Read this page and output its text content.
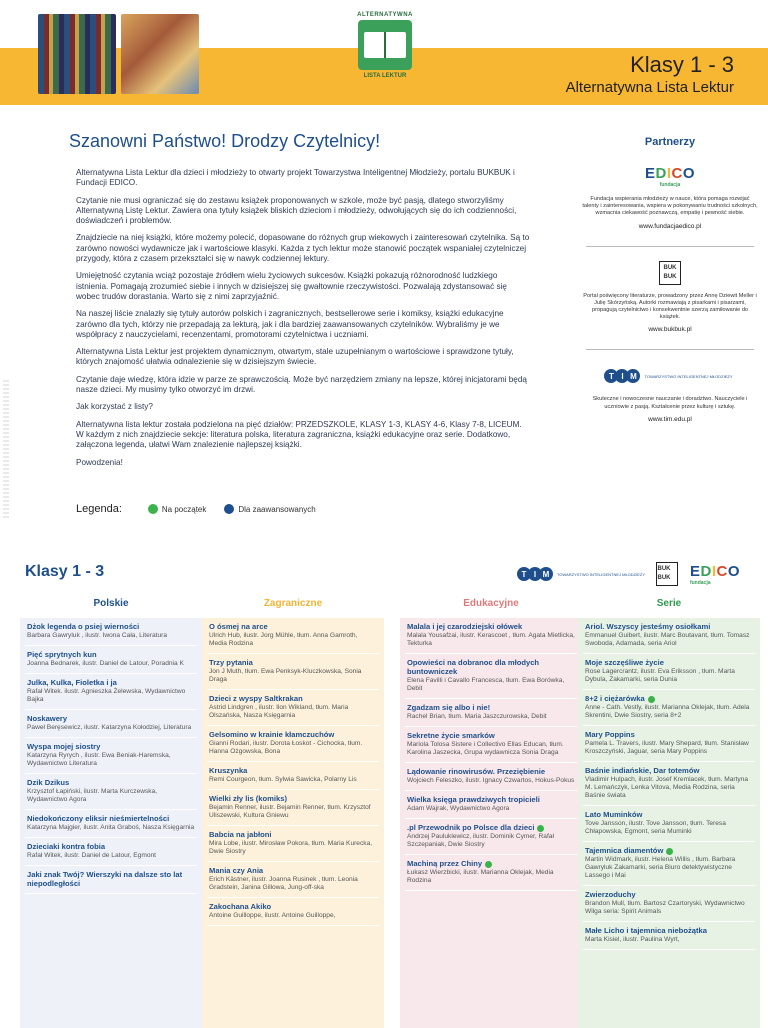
ALTERNATYWNA
LISTA LEKTUR	Klasy 1 - 3
Alternatywna Lista Lektur
Szanowni Państwo! Drodzy Czytelnicy!

Alternatywna Lista Lektur dla dzieci i młodzieży to otwarty projekt Towarzystwa Inteligentnej Młodzieży, portalu BUKBUK i Fundacji EDICO.

Czytanie nie musi ograniczać się do zestawu książek proponowanych w szkole, może być pasją, dlatego stworzyliśmy Alternatywną Listę Lektur. Zawiera ona tytuły książek bliskich dzieciom i młodzieży, odwołujących się do ich codzienności, doświadczeń i problemów.

Znajdziecie na niej książki, które możemy polecić, dopasowane do różnych grup wiekowych i zainteresowań czytelnika. Są to zarówno nowości wydawnicze jak i wartościowe klasyki. Każda z tych lektur może stanowić początek wspaniałej czytelniczej przygody, która z czasem przekształci się w nawyk codziennej lektury.

Umiejętność czytania wciąż pozostaje źródłem wielu życiowych sukcesów. Książki pokazują różnorodność ludzkiego istnienia. Pomagają zrozumieć siebie i innych w dzisiejszej się gwałtownie rzeczywistości. Pozwalają zdystansować się wobec trudów dorastania. Warto się z nimi zaprzyjaźnić.

Na naszej liście znalazły się tytuły autorów polskich i zagranicznych, bestsellerowe serie i komiksy, książki edukacyjne zarówno dla tych, którzy nie przepadają za lekturą, jak i dla bardziej zaawansowanych czytelników. Wybraliśmy je we współpracy z nauczycielami, recenzentami, promotorami czytelnictwa i uczniami.

Alternatywna Lista Lektur jest projektem dynamicznym, otwartym, stale uzupełnianym o wartościowe i sprawdzone tytuły, których znajomość ułatwia odnalezienie się w dzisiejszym świecie.

Czytanie daje wiedzę, która idzie w parze ze sprawczością. Może być narzędziem zmiany na lepsze, której inicjatorami będą nasze dzieci. My musimy tylko otworzyć im drzwi.

Jak korzystać z listy?

Alternatywna lista lektur została podzielona na pięć działów: PRZEDSZKOLE, KLASY 1-3, KLASY 4-6, Klasy 7-8, LICEUM. W każdym z nich znajdziecie sekcje: literatura polska, literatura zagraniczna, książki edukacyjne oraz serie. Dodatkowo, załączona legenda, ułatwi Wam znalezienie najlepszej książki.

Powodzenia!

Legenda:	Na początek	Dla zaawansowanych
Partnerzy
EDICO
fundacja
Fundacja wspierania młodzieży w nauce, która pomaga rozwijać talenty i zainteresowania, wspiera w pokonywaniu trudności szkolnych, wzmacnia ciekawość poznawczą, empatię i pewność siebie.
www.fundacjaedico.pl
BUK
BUK
Portal poświęcony literaturze, prowadzony przez Annę Dziewit Meller i Julię Skórzyńską. Autorki rozmawiają z pisarkami i pisarzami, propagują czytelnictwo i konsekwentnie szerzą zamiłowanie do książek.
www.bukbuk.pl
T I M	TOWARZYSTWO INTELIGENTNEJ MŁODZIEŻY
Skuteczne i nowoczesne nauczanie i doradztwo. Nauczyciele i uczniowie z pasją. Kształcenie przez kulturę i sztukę.
www.tim.edu.pl
Klasy 1 - 3	T I M	TOWARZYSTWO INTELIGENTNEJ MŁODZIEŻY
BUK
BUK	EDICO
fundacja
Polskie
Dżok legenda o psiej wierności
Barbara Gawryluk , ilustr. Iwona Cała, Literatura
Pięć sprytnych kun
Joanna Bednarek, ilustr. Daniel de Latour, Poradnia K
Julka, Kulka, Fioletka i ja
Rafał Witek. ilustr. Agnieszka Żelewska, Wydawnictwo Bajka
Noskawery
Paweł Beręsewicz, ilustr. Katarzyna Kołodziej, Literatura
Wyspa mojej siostry
Katarzyna Ryrych , ilustr. Ewa Beniak-Haremska, Wydawnictwo Literatura
Dzik Dzikus
Krzysztof Łapiński, ilustr. Marta Kurczewska, Wydawnictwo Agora
Niedokończony eliksir nieśmiertelności
Katarzyna Majgier, ilustr. Anita Graboś, Nasza Księgarnia
Dzieciaki kontra fobia
Rafał Witek, ilustr. Daniel de Latour, Egmont
Jaki znak Twój? Wierszyki na dalsze sto lat niepodległości
Zagraniczne
O ósmej na arce
Ulrich Hub, ilustr. Jorg Mühle, tłum. Anna Gamroth, Media Rodzina
Trzy pytania
Jon J Muth, tłum. Ewa Penksyk-Kluczkowska, Sonia Draga
Dzieci z wyspy Saltkrakan
Astrid Lindgren , ilustr. Ilon Wikland, tłum. Maria Olszańska, Nasza Księgarnia
Gelsomino w krainie kłamczuchów
Gianni Rodari, ilustr. Dorota Łoskot - Cichocka, tłum. Hanna Ożgowska, Bona
Kruszynka
Remi Courgeon, tłum. Sylwia Sawicka, Polarny Lis
Wielki zły lis (komiks)
Bejamin Renner, ilustr. Bejamin Renner, tłum. Krzysztof Uliszewski, Kultura Gniewu
Babcia na jabłoni
Mira Lobe, ilustr. Mirosław Pokora, tłum. Maria Kurecka, Dwie Siostry
Mania czy Ania
Erich Kästner, ilustr. Joanna Rusinek , tłum. Leonia Gradstein, Janina Gillowa, Jung-off-ska
Zakochana Akiko
Antoine Guilloppe, ilustr. Antoine Guilloppe,
Edukacyjne
Malala i jej czarodziejski ołówek
Malala Yousafzai, ilustr. Kerascoet , tłum. Agata Mietlicka, Tekturka
Opowieści na dobranoc dla młodych buntowniczek
Elena Favilli i Cavallo Francesca, tłum. Ewa Borówka, Debit
Zgadzam się albo i nie!
Rachel Brian, tłum. Maria Jaszczurowska, Debit
Sekretne życie smarków
Mariola Tolosa Sistere i Collectivo Ellas Educan, tłum. Karolina Jaszecka, Grupa wydawnicza Sonia Draga
Lądowanie rinowirusów. Przeziębienie
Wojciech Feleszko, ilustr. Ignacy Czwartos, Hokus-Pokus
Wielka księga prawdziwych tropicieli
Adam Wajrak, Wydawnictwo Agora
.pl Przewodnik po Polsce dla dzieci
Andrzej Pauluklewicz, ilustr. Dominik Cymer, Rafał Szczepaniak, Dwie Siostry
Machiną przez Chiny
Łukasz Wierzbicki, ilustr. Marianna Oklejak, Media Rodzina
Serie
Ariol. Wszyscy jesteśmy osiołkami
Emmanuel Guibert, ilustr. Marc Boutavant, tłum. Tomasz Swoboda, Adamada, seria Ariol
Moje szczęśliwe życie
Rose Lagercrantz, ilustr. Eva Eriksson , tłum. Marta Dybula, Zakamarki, seria Dunia
8+2 i ciężarówka
Anne - Cath. Vestly, ilustr. Marianna Oklejak, tłum. Adela Skrentini, Dwie Siostry, seria 8+2
Mary Poppins
Pamela L. Travers, ilustr. Mary Shepard, tłum. Stanisław Kroszczyński, Jaguar, seria Mary Poppins
Baśnie indiańskie, Dar totemów
Vladimir Hulpach, ilustr. Josef Kremlacek, tłum. Martyna M. Lemańczyk, Lenka Vitova, Media Rodzina, seria Baśnie świata
Lato Muminków
Tove Jansson, ilustr. Tove Jansson, tłum. Teresa Chłapowska, Egmont, seria Muminki
Tajemnica diamentów
Martin Widmark, ilustr. Helena Willis , tłum. Barbara Gawryluk Zakamarki, seria Biuro detektywistyczne Lassego i Mai
Zwierzoduchy
Brandon Mull, tłum. Bartosz Czartoryski, Wydawnictwo Wilga seria: Spirit Animals
Małe Licho i tajemnica niebożątka
Marta Kisiel, ilustr. Paulina Wyrt,
